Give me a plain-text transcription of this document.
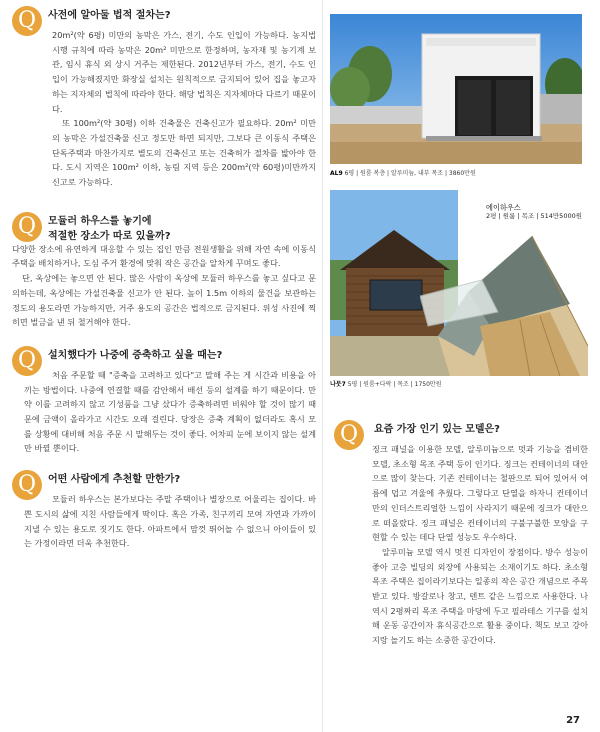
Q	사전에 알아둘 법적 절차는?

20m²(약 6평) 미만의 농막은 가스, 전기, 수도 인입이 가능하다. 농지법 시행 규칙에 따라 농막은 20m² 미만으로 한정하며, 농자재 및 농기계 보관, 임시 휴식 외 상시 거주는 제한된다. 2012년부터 가스, 전기, 수도 인입이 가능해졌지만 화장실 설치는 원칙적으로 금지되어 있어 집을 놓고자 하는 지자체의 법칙에 따라야 한다. 해당 법칙은 지자체마다 다르기 때문이다.

또 100m²(약 30평) 이하 건축물은 건축신고가 필요하다. 20m² 미만의 농막은 가설건축물 신고 정도만 하면 되지만, 그보다 큰 이동식 주택은 단독주택과 마찬가지로 별도의 건축신고 또는 건축허가 절차를 밟아야 한다. 도시 지역은 100m² 이하, 농림 지역 등은 200m²(약 60평)미만까지 신고로 가능하다.

Q	모듈러 하우스를 놓기에
적절한 장소가 따로 있을까?

다양한 장소에 유연하게 대응할 수 있는 집인 만큼 전원생활을 위해 자연 속에 이동식 주택을 배치하거나, 도심 주거 환경에 맞춰 작은 공간을 알차게 꾸며도 좋다.

단, 옥상에는 놓으면 안 된다. 많은 사람이 옥상에 모듈러 하우스를 놓고 싶다고 문의하는데, 옥상에는 가설건축물 신고가 안 된다. 높이 1.5m 이하의 물건을 보관하는 정도의 용도라면 가능하지만, 거주 용도의 공간은 법적으로 금지된다. 위성 사진에 찍히면 벌금을 낸 뒤 철거해야 한다.

Q	설치했다가 나중에 증축하고 싶을 때는?

처음 주문할 때 "증축을 고려하고 있다"고 말해 주는 게 시간과 비용을 아끼는 방법이다. 나중에 연결할 때를 감안해서 배선 등의 설계를 하기 때문이다. 만약 이를 고려하지 않고 기성품을 그냥 샀다가 증축하려면 비워야 할 것이 많기 때문에 금액이 올라가고 시간도 오래 걸린다. 당장은 증축 계획이 없더라도 혹시 모를 상황에 대비해 처음 주문 시 말해두는 것이 좋다. 어차피 눈에 보이지 않는 설계만 바뀔 뿐이다.

Q	어떤 사람에게 추천할 만한가?

모듈러 하우스는 본가보다는 주말 주택이나 별장으로 어울리는 집이다. 바쁜 도시의 삶에 지친 사람들에게 딱이다. 혹은 가족, 친구끼리 모여 자연과 가까이 지낼 수 있는 용도로 짓기도 한다. 아파트에서 맘껏 뛰어놀 수 없으니 아이들이 있는 가정이라면 더욱 추천한다.

AL9 6평 | 원룸 복층 | 알루미늄, 내부 목조 | 3860만원
나뭇7 5평 | 원룸+다락 | 목조 | 1750만원
에이하우스
2평 | 원룸 | 목조 | 514만5000원
Q	요즘 가장 인기 있는 모델은?

징크 패널을 이용한 모델, 알루미늄으로 멋과 기능을 겸비한 모델, 초소형 목조 주택 등이 인기다. 징크는 컨테이너의 대안으로 많이 찾는다. 기존 컨테이너는 철판으로 되어 있어서 여름에 덥고 겨울에 추웠다. 그렇다고 단열을 하자니 컨테이너만의 인더스트리얼한 느낌이 사라지기 때문에 징크가 대안으로 떠올랐다. 징크 패널은 컨테이너의 구불구불한 모양을 구현할 수 있는 데다 단열 성능도 우수하다.

알루미늄 모델 역시 멋진 디자인이 장점이다. 방수 성능이 좋아 고층 빌딩의 외장에 사용되는 소재이기도 하다. 초소형 목조 주택은 집이라기보다는 일종의 작은 공간 개념으로 주목받고 있다. 방갈로나 창고, 텐트 같은 느낌으로 사용한다. 나 역시 2평짜리 목조 주택을 마당에 두고 필라테스 기구를 설치해 운동 공간이자 휴식공간으로 활용 중이다. 책도 보고 강아지랑 놀기도 하는 소중한 공간이다.

27
